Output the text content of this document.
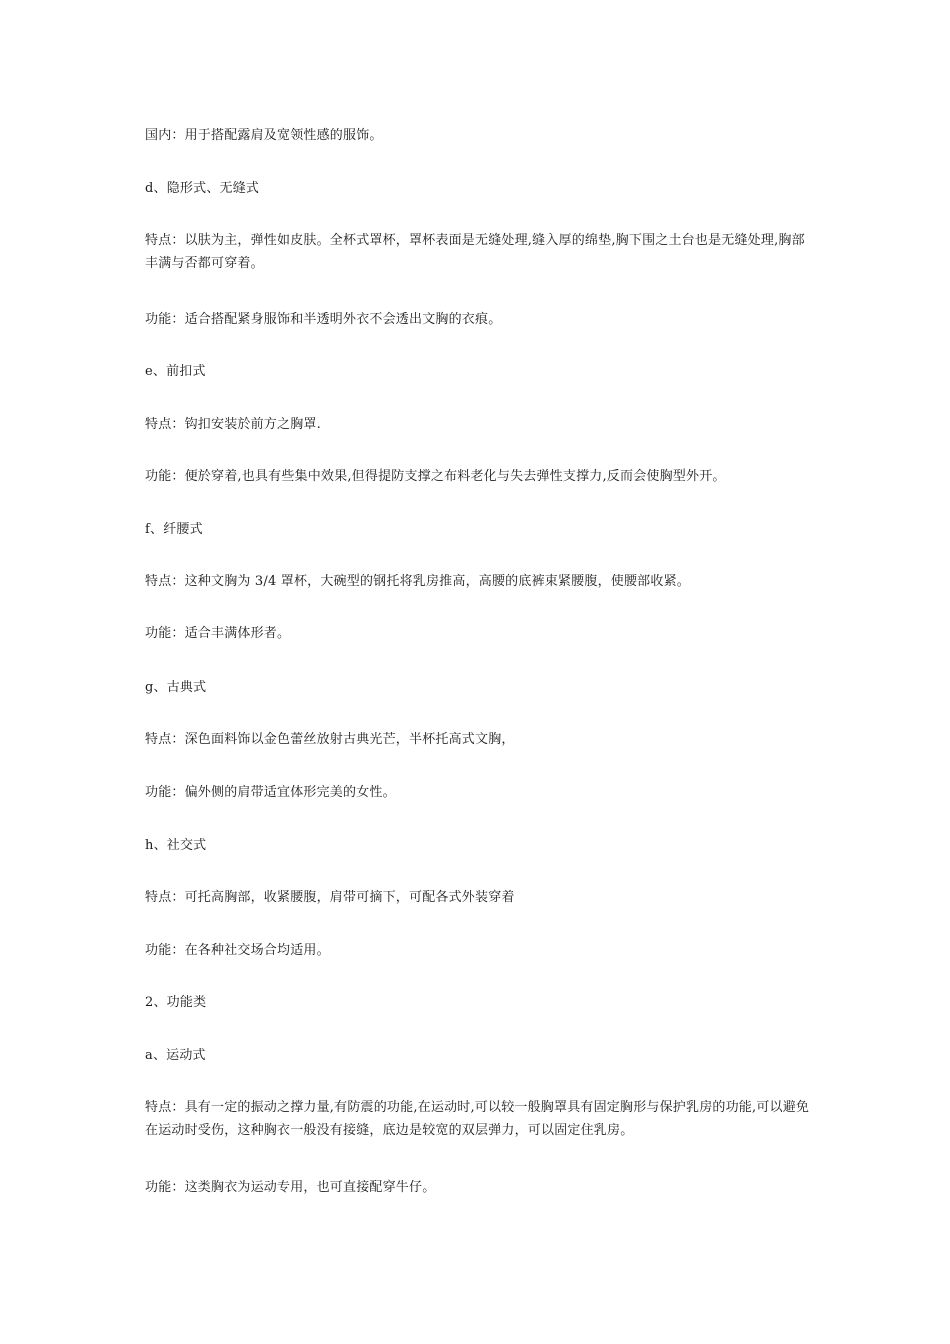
国内：用于搭配露肩及宽领性感的服饰。

d、隐形式、无缝式

特点：以肤为主，弹性如皮肤。全杯式罩杯，罩杯表面是无缝处理,缝入厚的绵垫,胸下围之土台也是无缝处理,胸部丰满与否都可穿着。

功能：适合搭配紧身服饰和半透明外衣不会透出文胸的衣痕。

e、前扣式

特点：钩扣安装於前方之胸罩.

功能：便於穿着,也具有些集中效果,但得提防支撑之布料老化与失去弹性支撑力,反而会使胸型外开。

f、纤腰式

特点：这种文胸为 3/4 罩杯，大碗型的钢托将乳房推高，高腰的底裤束紧腰腹，使腰部收紧。

功能：适合丰满体形者。

g、古典式

特点：深色面料饰以金色蕾丝放射古典光芒，半杯托高式文胸，

功能：偏外侧的肩带适宜体形完美的女性。

h、社交式

特点：可托高胸部，收紧腰腹，肩带可摘下，可配各式外装穿着

功能：在各种社交场合均适用。

2、功能类

a、运动式

特点：具有一定的振动之撑力量,有防震的功能,在运动时,可以较一般胸罩具有固定胸形与保护乳房的功能,可以避免在运动时受伤，这种胸衣一般没有接缝，底边是较宽的双层弹力，可以固定住乳房。

功能：这类胸衣为运动专用，也可直接配穿牛仔。
